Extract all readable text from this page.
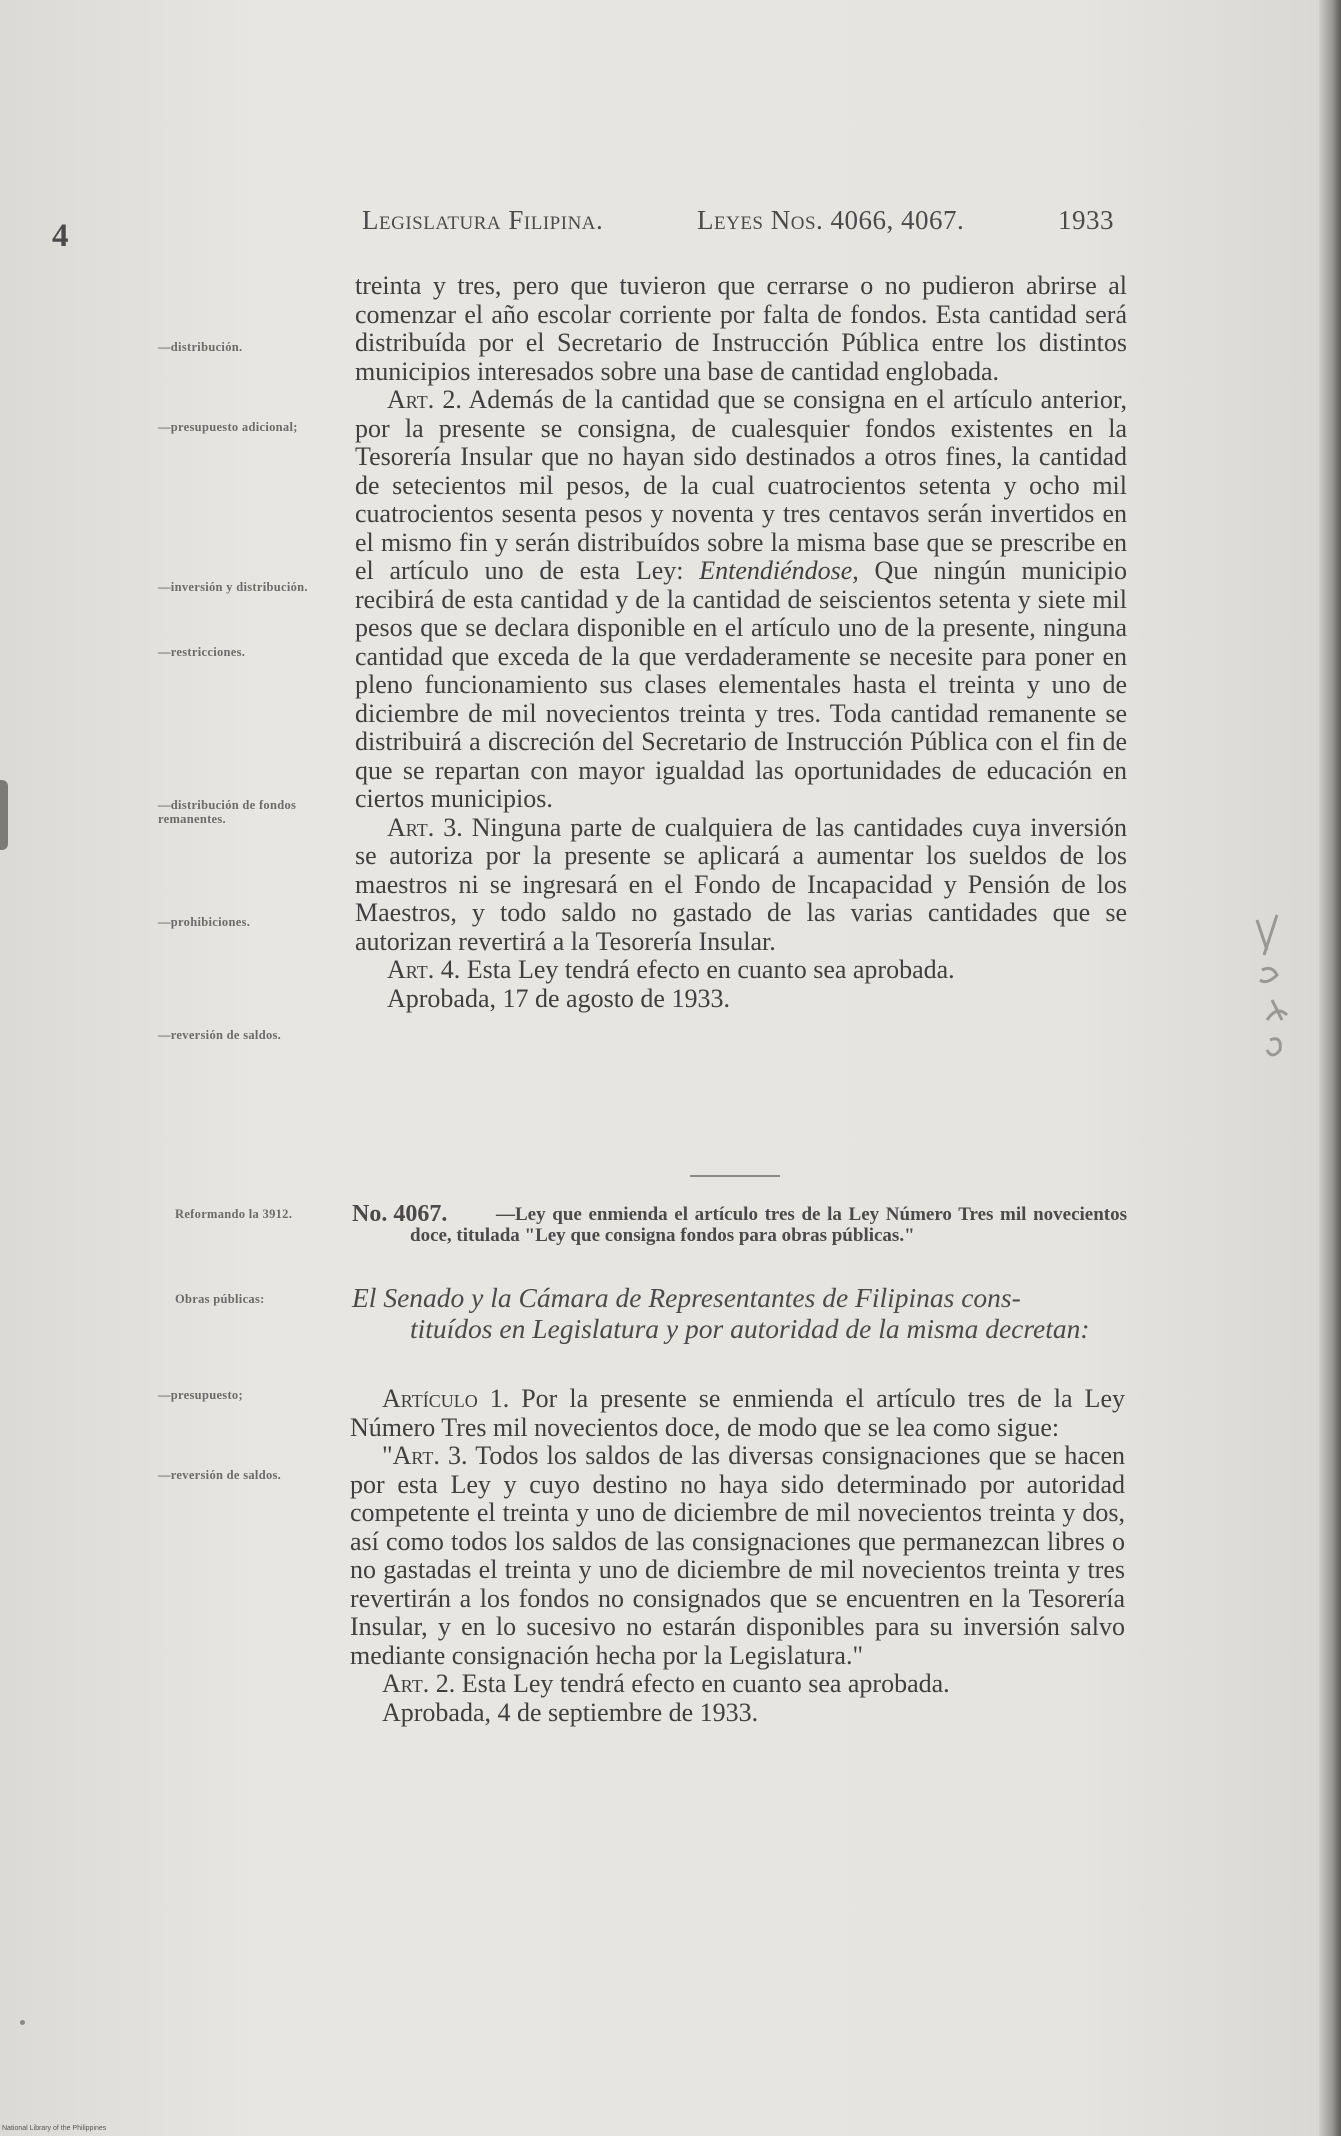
4	Legislatura Filipina.	Leyes Nos. 4066, 4067.	1933

treinta y tres, pero que tuvieron que cerrarse o no pudieron abrirse al comenzar el año escolar corriente por falta de fondos. Esta cantidad será distribuída por el Secretario de Instrucción Pública entre los distintos municipios interesados sobre una base de cantidad englobada.

Art. 2. Además de la cantidad que se consigna en el artículo anterior, por la presente se consigna, de cualesquier fondos existentes en la Tesorería Insular que no hayan sido destinados a otros fines, la cantidad de setecientos mil pesos, de la cual cuatrocientos setenta y ocho mil cuatrocientos sesenta pesos y noventa y tres centavos serán invertidos en el mismo fin y serán distribuídos sobre la misma base que se prescribe en el artículo uno de esta Ley: Entendiéndose, Que ningún municipio recibirá de esta cantidad y de la cantidad de seiscientos setenta y siete mil pesos que se declara disponible en el artículo uno de la presente, ninguna cantidad que exceda de la que verdaderamente se necesite para poner en pleno funcionamiento sus clases elementales hasta el treinta y uno de diciembre de mil novecientos treinta y tres. Toda cantidad remanente se distribuirá a discreción del Secretario de Instrucción Pública con el fin de que se repartan con mayor igualdad las oportunidades de educación en ciertos municipios.

Art. 3. Ninguna parte de cualquiera de las cantidades cuya inversión se autoriza por la presente se aplicará a aumentar los sueldos de los maestros ni se ingresará en el Fondo de Incapacidad y Pensión de los Maestros, y todo saldo no gastado de las varias cantidades que se autorizan revertirá a la Tesorería Insular.

Art. 4. Esta Ley tendrá efecto en cuanto sea aprobada.

Aprobada, 17 de agosto de 1933.

No. 4067.	—Ley que enmienda el artículo tres de la Ley Número Tres mil novecientos doce, titulada "Ley que consigna fondos para obras públicas."
El Senado y la Cámara de Representantes de Filipinas cons-
tituídos en Legislatura y por autoridad de la misma decretan:

Artículo 1. Por la presente se enmienda el artículo tres de la Ley Número Tres mil novecientos doce, de modo que se lea como sigue:

"Art. 3. Todos los saldos de las diversas consignaciones que se hacen por esta Ley y cuyo destino no haya sido determinado por autoridad competente el treinta y uno de diciembre de mil novecientos treinta y dos, así como todos los saldos de las consignaciones que permanezcan libres o no gastadas el treinta y uno de diciembre de mil novecientos treinta y tres revertirán a los fondos no consignados que se encuentren en la Tesorería Insular, y en lo sucesivo no estarán disponibles para su inversión salvo mediante consignación hecha por la Legislatura."

Art. 2. Esta Ley tendrá efecto en cuanto sea aprobada.

Aprobada, 4 de septiembre de 1933.

—distribución.
—presupuesto adicional;
—inversión y distribución.
—restricciones.
—distribución de fondos remanentes.
—prohibiciones.
—reversión de saldos.
Reformando la 3912.
Obras públicas:
—presupuesto;
—reversión de saldos.
National Library of the Philippines
